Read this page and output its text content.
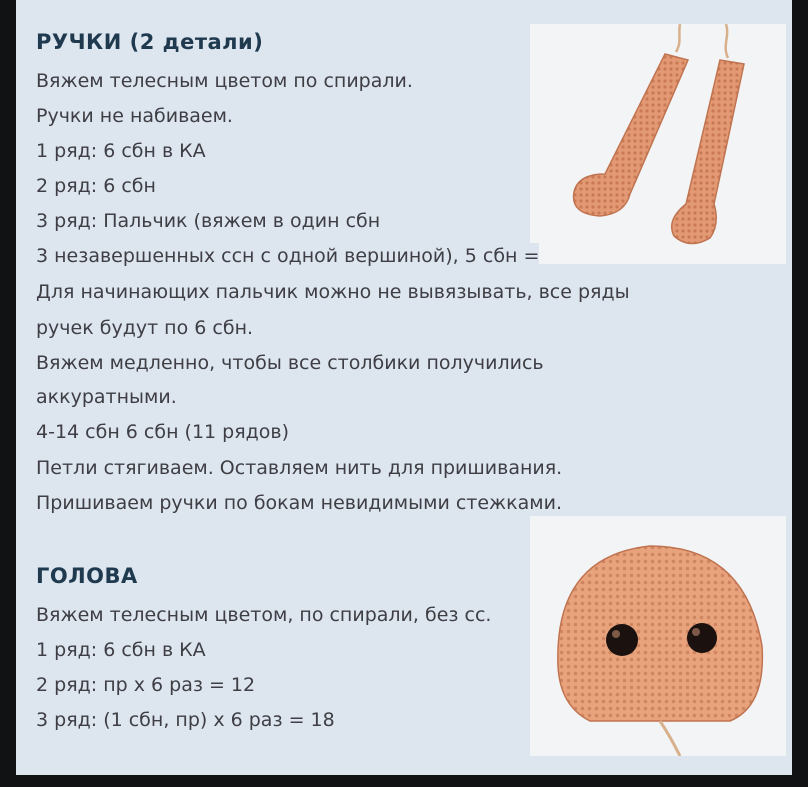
РУЧКИ (2 детали)

Вяжем телесным цветом по спирали.

Ручки не набиваем.

1 ряд: 6 сбн в КА

2 ряд: 6 сбн

3 ряд: Пальчик (вяжем в один сбн

3 незавершенных ссн с одной вершиной), 5 сбн =

Для начинающих пальчик можно не вывязывать, все ряды

ручек будут по 6 сбн.

Вяжем медленно, чтобы все столбики получились

аккуратными.

4-14 сбн 6 сбн (11 рядов)

Петли стягиваем. Оставляем нить для пришивания.

Пришиваем ручки по бокам невидимыми стежками.

ГОЛОВА

Вяжем телесным цветом, по спирали, без сс.

1 ряд: 6 сбн в КА

2 ряд: пр х 6 раз = 12

3 ряд: (1 сбн, пр) х 6 раз = 18
